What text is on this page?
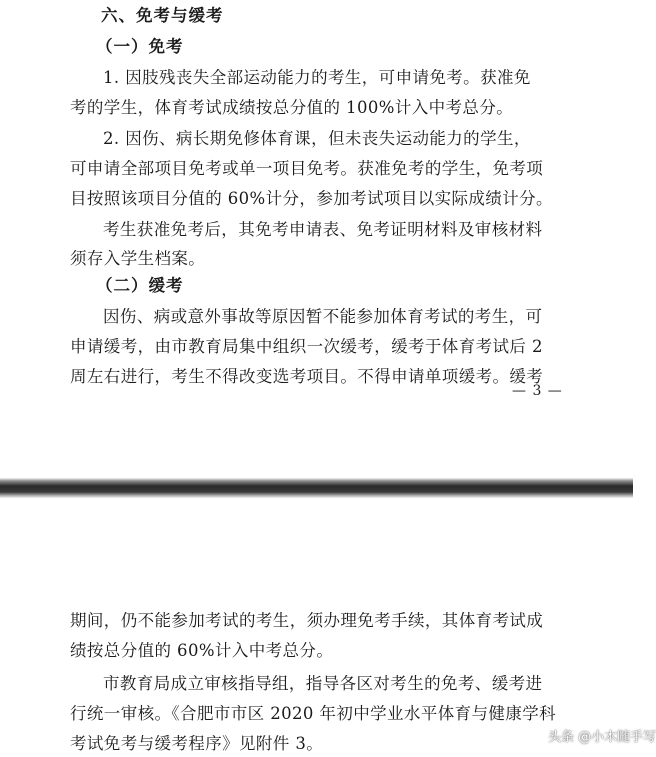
六、免考与缓考
（一）免考
1. 因肢残丧失全部运动能力的考生，可申请免考。获准免
考的学生，体育考试成绩按总分值的 100%计入中考总分。
2. 因伤、病长期免修体育课，但未丧失运动能力的学生，
可申请全部项目免考或单一项目免考。获准免考的学生，免考项
目按照该项目分值的 60%计分，参加考试项目以实际成绩计分。
考生获准免考后，其免考申请表、免考证明材料及审核材料
须存入学生档案。
（二）缓考
因伤、病或意外事故等原因暂不能参加体育考试的考生，可
申请缓考，由市教育局集中组织一次缓考，缓考于体育考试后 2
周左右进行，考生不得改变选考项目。不得申请单项缓考。缓考
— 3 —
期间，仍不能参加考试的考生，须办理免考手续，其体育考试成
绩按总分值的 60%计入中考总分。
市教育局成立审核指导组，指导各区对考生的免考、缓考进
行统一审核。《合肥市市区 2020 年初中学业水平体育与健康学科
考试免考与缓考程序》见附件 3。	头条 @小木随手写
